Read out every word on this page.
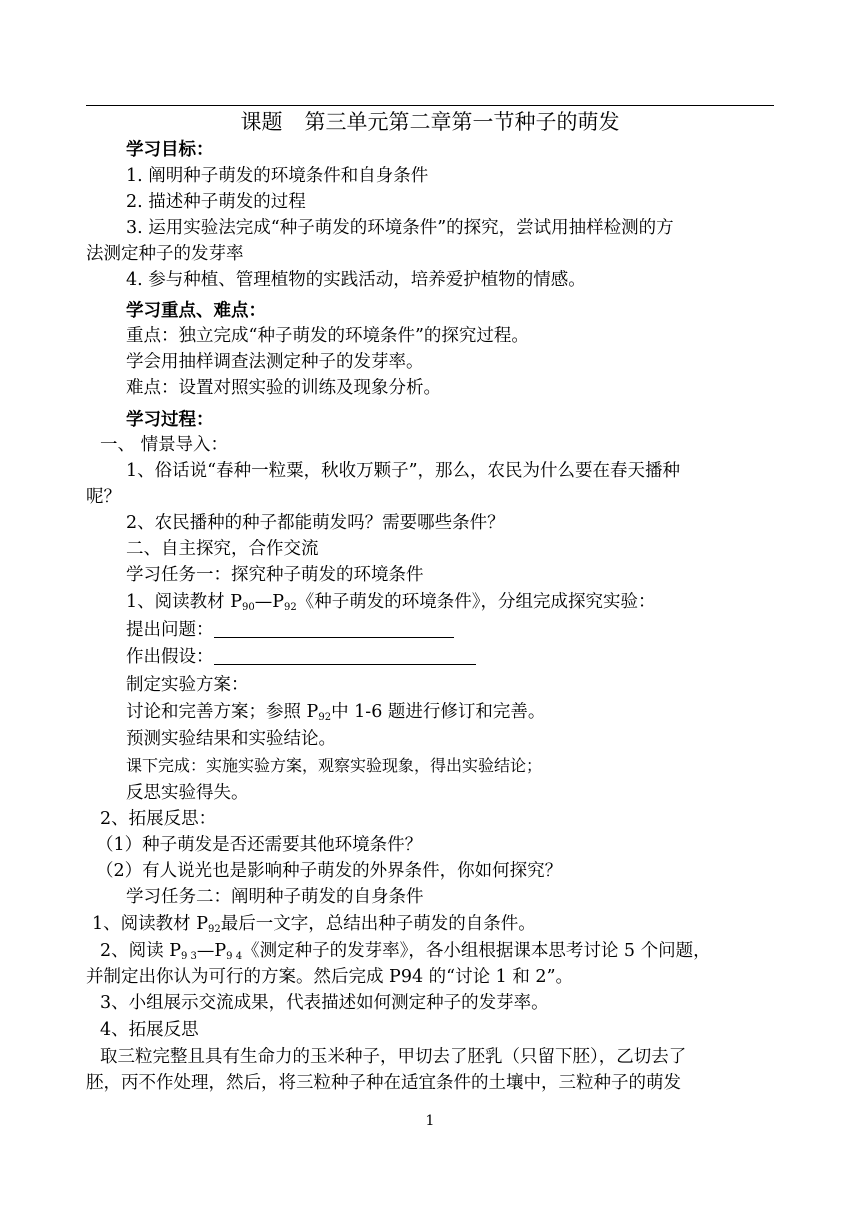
课题 第三单元第二章第一节种子的萌发
学习目标：
1. 阐明种子萌发的环境条件和自身条件
2. 描述种子萌发的过程
3. 运用实验法完成“种子萌发的环境条件”的探究，尝试用抽样检测的方
法测定种子的发芽率
4. 参与种植、管理植物的实践活动，培养爱护植物的情感。
学习重点、难点：
重点：独立完成“种子萌发的环境条件”的探究过程。
学会用抽样调查法测定种子的发芽率。
难点：设置对照实验的训练及现象分析。
学习过程：
一、 情景导入：
1、俗话说“春种一粒粟，秋收万颗子”，那么，农民为什么要在春天播种
呢？
2、农民播种的种子都能萌发吗？需要哪些条件？
二、自主探究，合作交流
学习任务一：探究种子萌发的环境条件
1、阅读教材 $P_{90}—P_{92}$《种子萌发的环境条件》，分组完成探究实验：
提出问题：
作出假设：
制定实验方案：
讨论和完善方案；参照 $P_{92}$中 1-6 题进行修订和完善。
预测实验结果和实验结论。
课下完成：实施实验方案，观察实验现象，得出实验结论；
反思实验得失。
2、拓展反思：
（1）种子萌发是否还需要其他环境条件？
（2）有人说光也是影响种子萌发的外界条件，你如何探究？
学习任务二：阐明种子萌发的自身条件
1、阅读教材 $P_{92}$最后一文字，总结出种子萌发的自条件。
2、阅读 $P_{9 3}—P_{9 4}$《测定种子的发芽率》，各小组根据课本思考讨论 5 个问题，
并制定出你认为可行的方案。然后完成 P94 的“讨论 1 和 2”。
3、小组展示交流成果，代表描述如何测定种子的发芽率。
4、拓展反思
取三粒完整且具有生命力的玉米种子，甲切去了胚乳（只留下胚），乙切去了
胚，丙不作处理，然后，将三粒种子种在适宜条件的土壤中，三粒种子的萌发
1
